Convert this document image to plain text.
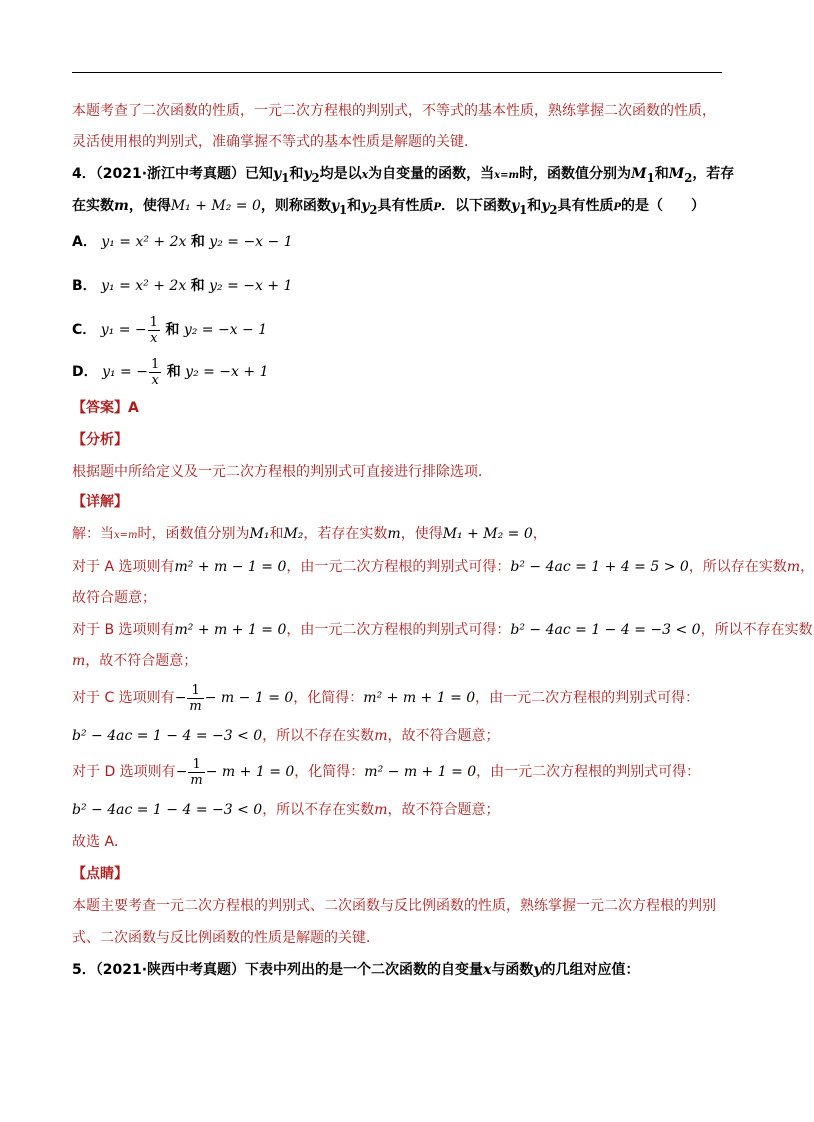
本题考查了二次函数的性质，一元二次方程根的判别式，不等式的基本性质，熟练掌握二次函数的性质，
灵活使用根的判别式，准确掌握不等式的基本性质是解题的关键．
4．（2021·浙江中考真题）已知$y_1$和$y_2$均是以x为自变量的函数，当x=m时，函数值分别为$M_1$和$M_2$，若存
在实数m，使得M₁ + M₂ = 0，则称函数$y_1$和$y_2$具有性质P．以下函数$y_1$和$y_2$具有性质P的是（　　）
A． y₁ = x² + 2x 和 y₂ = −x − 1
B． y₁ = x² + 2x 和 y₂ = −x + 1
C． y₁ = − $\frac{1}{x}$ 和 y₂ = −x − 1
D． y₁ = − $\frac{1}{x}$ 和 y₂ = −x + 1
【答案】A
【分析】
根据题中所给定义及一元二次方程根的判别式可直接进行排除选项．
【详解】
解：当x=m时，函数值分别为M₁和M₂，若存在实数m，使得M₁ + M₂ = 0，
对于 A 选项则有m² + m − 1 = 0，由一元二次方程根的判别式可得：b² − 4ac = 1 + 4 = 5 > 0，所以存在实数m，
故符合题意；
对于 B 选项则有m² + m + 1 = 0，由一元二次方程根的判别式可得：b² − 4ac = 1 − 4 = −3 < 0，所以不存在实数
m，故不符合题意；
对于 C 选项则有− $\frac{1}{m} - m - 1 = 0$，化简得：m² + m + 1 = 0，由一元二次方程根的判别式可得：
b² − 4ac = 1 − 4 = −3 < 0，所以不存在实数m，故不符合题意；
对于 D 选项则有− $\frac{1}{m} - m + 1 = 0$，化简得：m² − m + 1 = 0，由一元二次方程根的判别式可得：
b² − 4ac = 1 − 4 = −3 < 0，所以不存在实数m，故不符合题意；
故选 A．
【点睛】
本题主要考查一元二次方程根的判别式、二次函数与反比例函数的性质，熟练掌握一元二次方程根的判别
式、二次函数与反比例函数的性质是解题的关键．
5．（2021·陕西中考真题）下表中列出的是一个二次函数的自变量x与函数y的几组对应值：
